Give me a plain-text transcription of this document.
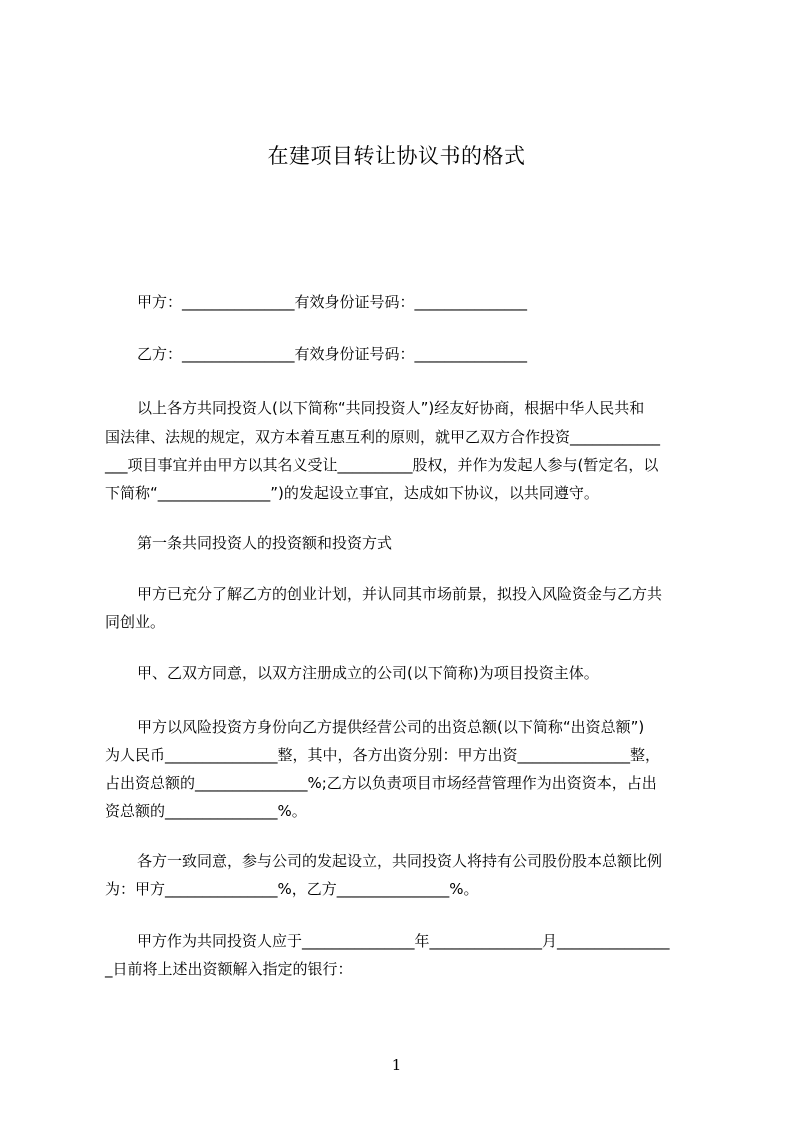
在建项目转让协议书的格式
甲方：_______________有效身份证号码：_______________
乙方：_______________有效身份证号码：_______________
以上各方共同投资人(以下简称“共同投资人”)经友好协商，根据中华人民共和
国法律、法规的规定，双方本着互惠互利的原则，就甲乙双方合作投资____________
___项目事宜并由甲方以其名义受让__________股权，并作为发起人参与(暂定名，以
下简称“_______________”)的发起设立事宜，达成如下协议，以共同遵守。
第一条共同投资人的投资额和投资方式
甲方已充分了解乙方的创业计划，并认同其市场前景，拟投入风险资金与乙方共
同创业。
甲、乙双方同意，以双方注册成立的公司(以下简称)为项目投资主体。
甲方以风险投资方身份向乙方提供经营公司的出资总额(以下简称“出资总额”)
为人民币_______________整，其中，各方出资分别：甲方出资_______________整，
占出资总额的_______________%;乙方以负责项目市场经营管理作为出资资本，占出
资总额的_______________%。
各方一致同意，参与公司的发起设立，共同投资人将持有公司股份股本总额比例
为：甲方_______________%，乙方_______________%。
甲方作为共同投资人应于_______________年_______________月_______________
_日前将上述出资额解入指定的银行：
1
